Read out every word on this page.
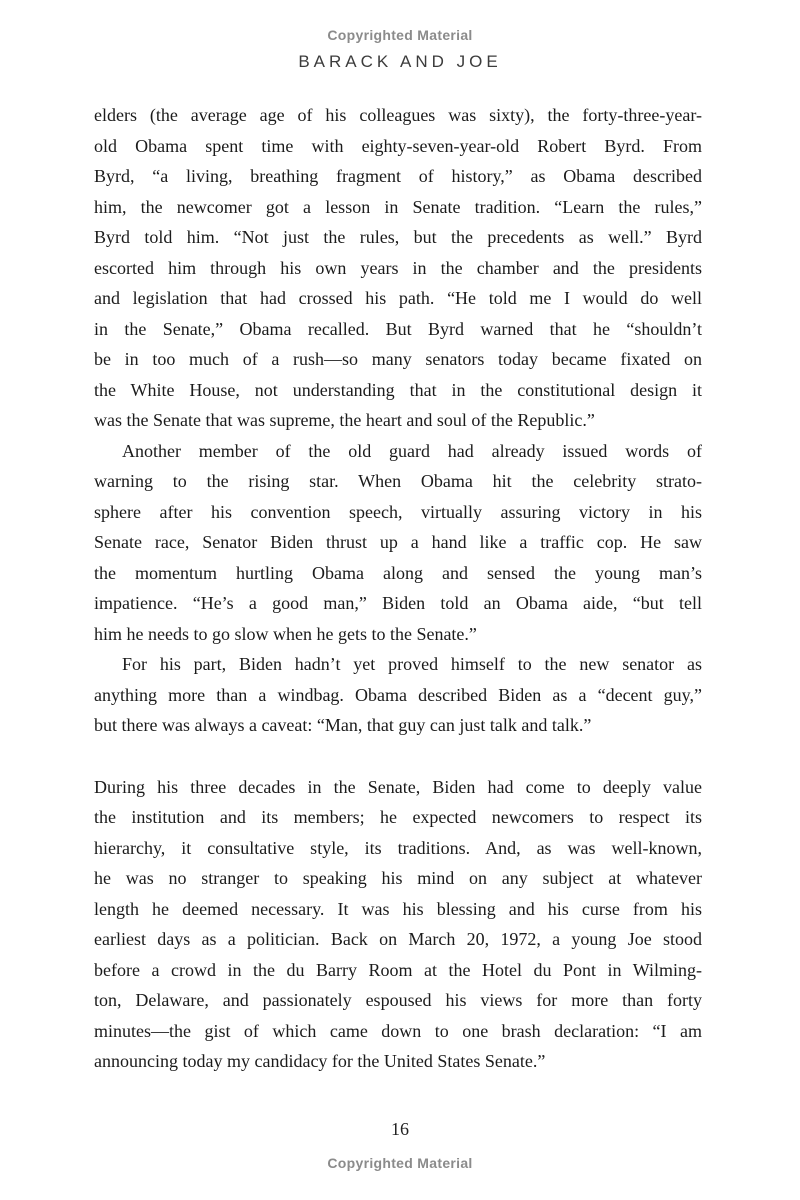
Copyrighted Material
BARACK AND JOE
elders (the average age of his colleagues was sixty), the forty-three-year-
old Obama spent time with eighty-seven-year-old Robert Byrd. From
Byrd, “a living, breathing fragment of history,” as Obama described
him, the newcomer got a lesson in Senate tradition. “Learn the rules,”
Byrd told him. “Not just the rules, but the precedents as well.” Byrd
escorted him through his own years in the chamber and the presidents
and legislation that had crossed his path. “He told me I would do well
in the Senate,” Obama recalled. But Byrd warned that he “shouldn’t
be in too much of a rush—so many senators today became fixated on
the White House, not understanding that in the constitutional design it
was the Senate that was supreme, the heart and soul of the Republic.”
Another member of the old guard had already issued words of
warning to the rising star. When Obama hit the celebrity strato-
sphere after his convention speech, virtually assuring victory in his
Senate race, Senator Biden thrust up a hand like a traffic cop. He saw
the momentum hurtling Obama along and sensed the young man’s
impatience. “He’s a good man,” Biden told an Obama aide, “but tell
him he needs to go slow when he gets to the Senate.”
For his part, Biden hadn’t yet proved himself to the new senator as
anything more than a windbag. Obama described Biden as a “decent guy,”
but there was always a caveat: “Man, that guy can just talk and talk.”
During his three decades in the Senate, Biden had come to deeply value
the institution and its members; he expected newcomers to respect its
hierarchy, it consultative style, its traditions. And, as was well-known,
he was no stranger to speaking his mind on any subject at whatever
length he deemed necessary. It was his blessing and his curse from his
earliest days as a politician. Back on March 20, 1972, a young Joe stood
before a crowd in the du Barry Room at the Hotel du Pont in Wilming-
ton, Delaware, and passionately espoused his views for more than forty
minutes—the gist of which came down to one brash declaration: “I am
announcing today my candidacy for the United States Senate.”
16
Copyrighted Material
